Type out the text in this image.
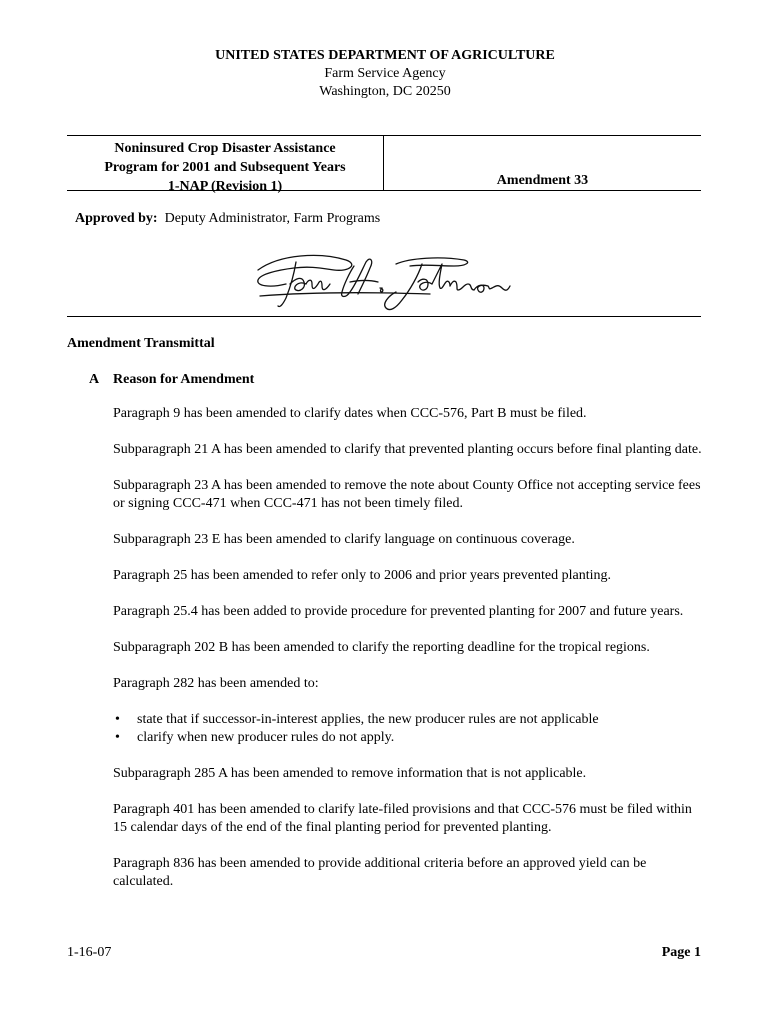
UNITED STATES DEPARTMENT OF AGRICULTURE
Farm Service Agency
Washington, DC 20250
Noninsured Crop Disaster Assistance
Program for 2001 and Subsequent Years
1-NAP (Revision 1)	Amendment 33
Approved by: Deputy Administrator, Farm Programs
Amendment Transmittal
A Reason for Amendment

Paragraph 9 has been amended to clarify dates when CCC-576, Part B must be filed.

Subparagraph 21 A has been amended to clarify that prevented planting occurs before final planting date.

Subparagraph 23 A has been amended to remove the note about County Office not accepting service fees or signing CCC-471 when CCC-471 has not been timely filed.

Subparagraph 23 E has been amended to clarify language on continuous coverage.

Paragraph 25 has been amended to refer only to 2006 and prior years prevented planting.

Paragraph 25.4 has been added to provide procedure for prevented planting for 2007 and future years.

Subparagraph 202 B has been amended to clarify the reporting deadline for the tropical regions.

Paragraph 282 has been amended to:

• state that if successor-in-interest applies, the new producer rules are not applicable
• clarify when new producer rules do not apply.

Subparagraph 285 A has been amended to remove information that is not applicable.

Paragraph 401 has been amended to clarify late-filed provisions and that CCC-576 must be filed within 15 calendar days of the end of the final planting period for prevented planting.

Paragraph 836 has been amended to provide additional criteria before an approved yield can be calculated.

1-16-07	Page 1
